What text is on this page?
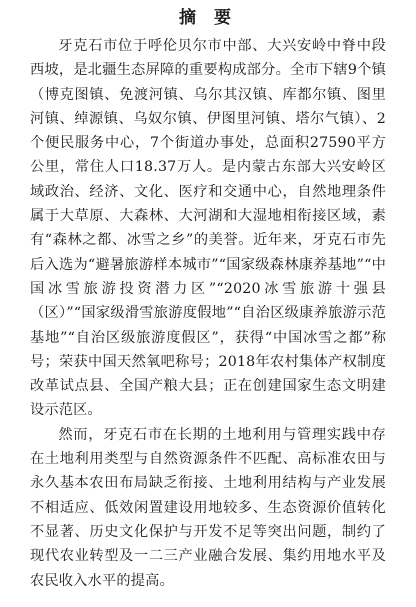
摘 要

牙克石市位于呼伦贝尔市中部、大兴安岭中脊中段西坡，是北疆生态屏障的重要构成部分。全市下辖9个镇（博克图镇、免渡河镇、乌尔其汉镇、库都尔镇、图里河镇、绰源镇、乌奴尔镇、伊图里河镇、塔尔气镇）、2个便民服务中心，7个街道办事处，总面积27590平方公里，常住人口18.37万人。是内蒙古东部大兴安岭区域政治、经济、文化、医疗和交通中心，自然地理条件属于大草原、大森林、大河湖和大湿地相衔接区域，素有“森林之都、冰雪之乡”的美誉。近年来，牙克石市先后入选为“避暑旅游样本城市”“国家级森林康养基地”“中国冰雪旅游投资潜力区”“2020冰雪旅游十强县（区）”“国家级滑雪旅游度假地”“自治区级康养旅游示范基地”“自治区级旅游度假区”，获得“中国冰雪之都”称号；荣获中国天然氧吧称号；2018年农村集体产权制度改革试点县、全国产粮大县；正在创建国家生态文明建设示范区。

然而，牙克石市在长期的土地利用与管理实践中存在土地利用类型与自然资源条件不匹配、高标准农田与永久基本农田布局缺乏衔接、土地利用结构与产业发展不相适应、低效闲置建设用地较多、生态资源价值转化不显著、历史文化保护与开发不足等突出问题，制约了现代农业转型及一二三产业融合发展、集约用地水平及农民收入水平的提高。
